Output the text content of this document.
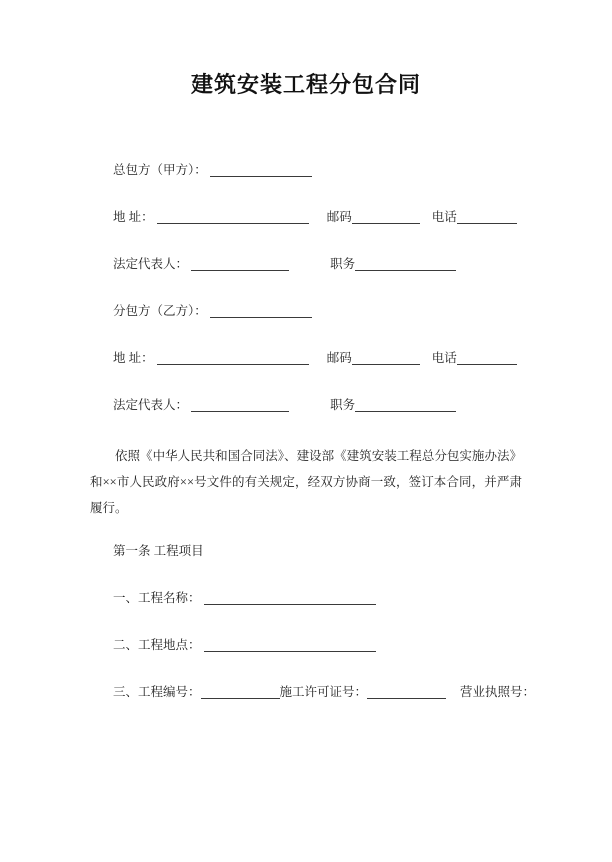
建筑安装工程分包合同
总包方（甲方）：
地 址：	邮码	电话
法定代表人：	职务
分包方（乙方）：
地 址：	邮码	电话
法定代表人：	职务

依照《中华人民共和国合同法》、建设部《建筑安装工程总分包实施办法》和××市人民政府××号文件的有关规定，经双方协商一致，签订本合同，并严肃履行。

第一条 工程项目
一、工程名称：
二、工程地点：
三、工程编号：	施工许可证号：	营业执照号：
